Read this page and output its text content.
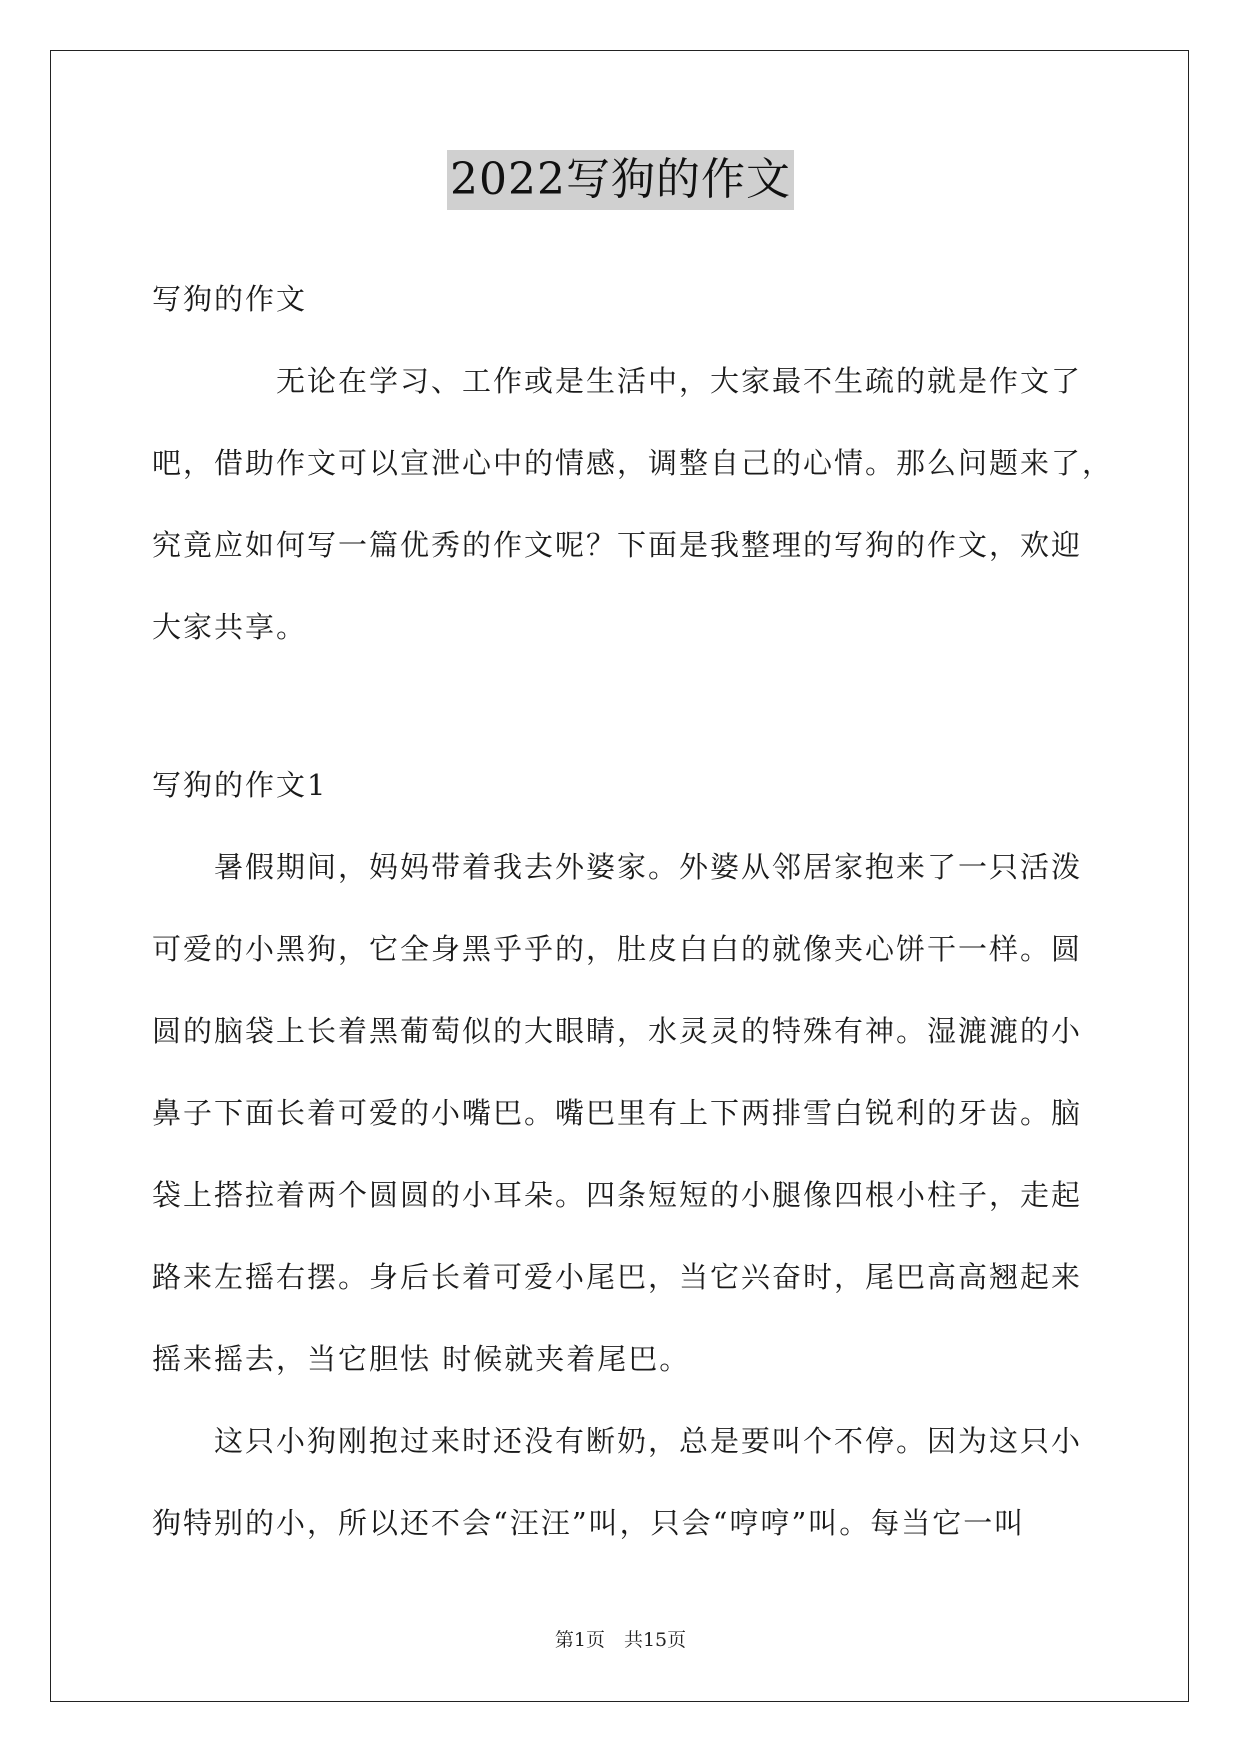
2022写狗的作文
写狗的作文
　　　　无论在学习、工作或是生活中，大家最不生疏的就是作文了
吧，借助作文可以宣泄心中的情感，调整自己的心情。那么问题来了，
究竟应如何写一篇优秀的作文呢？下面是我整理的写狗的作文，欢迎
大家共享。
写狗的作文1
　　暑假期间，妈妈带着我去外婆家。外婆从邻居家抱来了一只活泼
可爱的小黑狗，它全身黑乎乎的，肚皮白白的就像夹心饼干一样。圆
圆的脑袋上长着黑葡萄似的大眼睛，水灵灵的特殊有神。湿漉漉的小
鼻子下面长着可爱的小嘴巴。嘴巴里有上下两排雪白锐利的牙齿。脑
袋上搭拉着两个圆圆的小耳朵。四条短短的小腿像四根小柱子，走起
路来左摇右摆。身后长着可爱小尾巴，当它兴奋时，尾巴高高翘起来
摇来摇去，当它胆怯 时候就夹着尾巴。
　　这只小狗刚抱过来时还没有断奶，总是要叫个不停。因为这只小
狗特别的小，所以还不会“汪汪”叫，只会“哼哼”叫。每当它一叫
第1页　共15页
